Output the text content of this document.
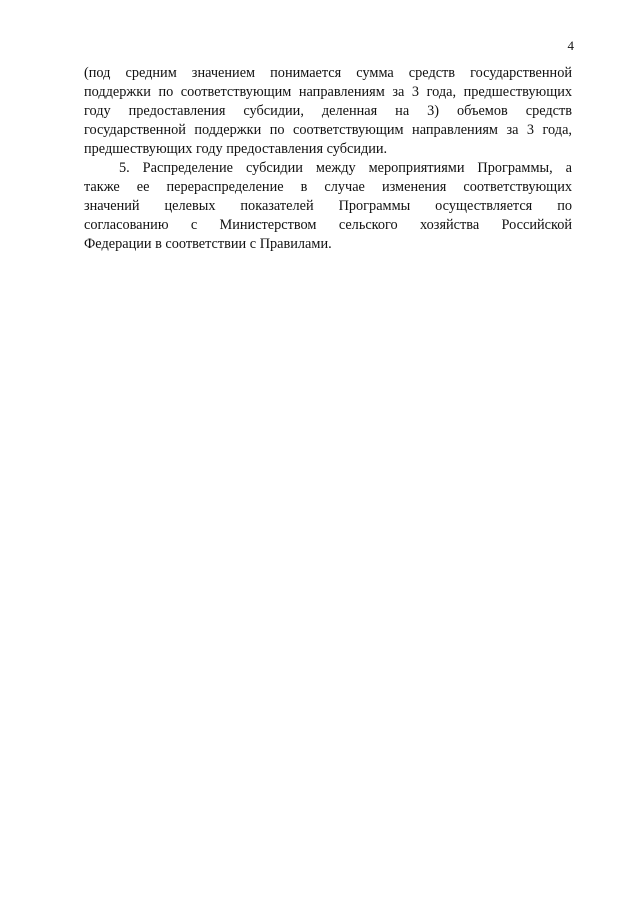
4
(под средним значением понимается сумма средств государственной
поддержки по соответствующим направлениям за 3 года, предшествующих
году предоставления субсидии, деленная на 3) объемов средств
государственной поддержки по соответствующим направлениям за 3 года,
предшествующих году предоставления субсидии.
5. Распределение субсидии между мероприятиями Программы, а
также ее перераспределение в случае изменения соответствующих
значений целевых показателей Программы осуществляется по
согласованию с Министерством сельского хозяйства Российской
Федерации в соответствии с Правилами.
